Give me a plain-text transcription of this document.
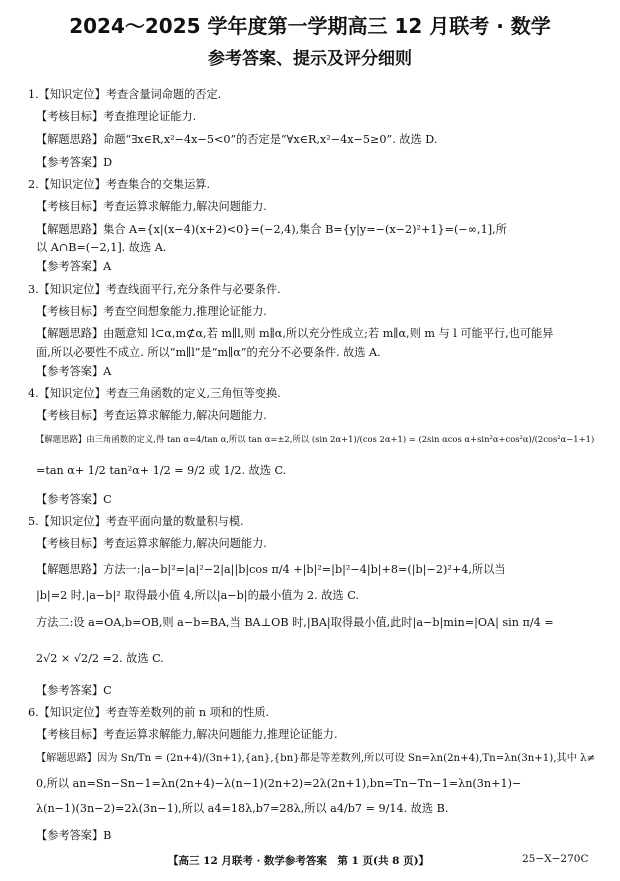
2024～2025 学年度第一学期高三 12 月联考 · 数学
参考答案、提示及评分细则
1.【知识定位】考查含量词命题的否定.
【考核目标】考查推理论证能力.
【解题思路】命题“∃x∈R,x²−4x−5<0”的否定是“∀x∈R,x²−4x−5≥0”. 故选 D.
【参考答案】D
2.【知识定位】考查集合的交集运算.
【考核目标】考查运算求解能力,解决问题能力.
【解题思路】集合 A={x|(x−4)(x+2)<0}=(−2,4),集合 B={y|y=−(x−2)²+1}=(−∞,1],所
以 A∩B=(−2,1]. 故选 A.
【参考答案】A
3.【知识定位】考查线面平行,充分条件与必要条件.
【考核目标】考查空间想象能力,推理论证能力.
【解题思路】由题意知 l⊂α,m⊄α,若 m∥l,则 m∥α,所以充分性成立;若 m∥α,则 m 与 l 可能平行,也可能异
面,所以必要性不成立. 所以“m∥l”是“m∥α”的充分不必要条件. 故选 A.
【参考答案】A
4.【知识定位】考查三角函数的定义,三角恒等变换.
【考核目标】考查运算求解能力,解决问题能力.
【解题思路】由三角函数的定义,得 tan α=4/tan α,所以 tan α=±2,所以 (sin 2α+1)/(cos 2α+1) = (2sin αcos α+sin²α+cos²α)/(2cos²α−1+1)
=tan α+ 1/2 tan²α+ 1/2 = 9/2 或 1/2. 故选 C.
【参考答案】C
5.【知识定位】考查平面向量的数量积与模.
【考核目标】考查运算求解能力,解决问题能力.
【解题思路】方法一:|a−b|²=|a|²−2|a||b|cos π/4 +|b|²=|b|²−4|b|+8=(|b|−2)²+4,所以当
|b|=2 时,|a−b|² 取得最小值 4,所以|a−b|的最小值为 2. 故选 C.
方法二:设 a=OA,b=OB,则 a−b=BA,当 BA⊥OB 时,|BA|取得最小值,此时|a−b|min=|OA| sin π/4 =
2√2 × √2/2 =2. 故选 C.
【参考答案】C
6.【知识定位】考查等差数列的前 n 项和的性质.
【考核目标】考查运算求解能力,解决问题能力,推理论证能力.
【解题思路】因为 Sn/Tn = (2n+4)/(3n+1),{an},{bn}都是等差数列,所以可设 Sn=λn(2n+4),Tn=λn(3n+1),其中 λ≠
0,所以 an=Sn−Sn−1=λn(2n+4)−λ(n−1)(2n+2)=2λ(2n+1),bn=Tn−Tn−1=λn(3n+1)−
λ(n−1)(3n−2)=2λ(3n−1),所以 a4=18λ,b7=28λ,所以 a4/b7 = 9/14. 故选 B.
【参考答案】B
【高三 12 月联考 · 数学参考答案　第 1 页(共 8 页)】	25−X−270C
